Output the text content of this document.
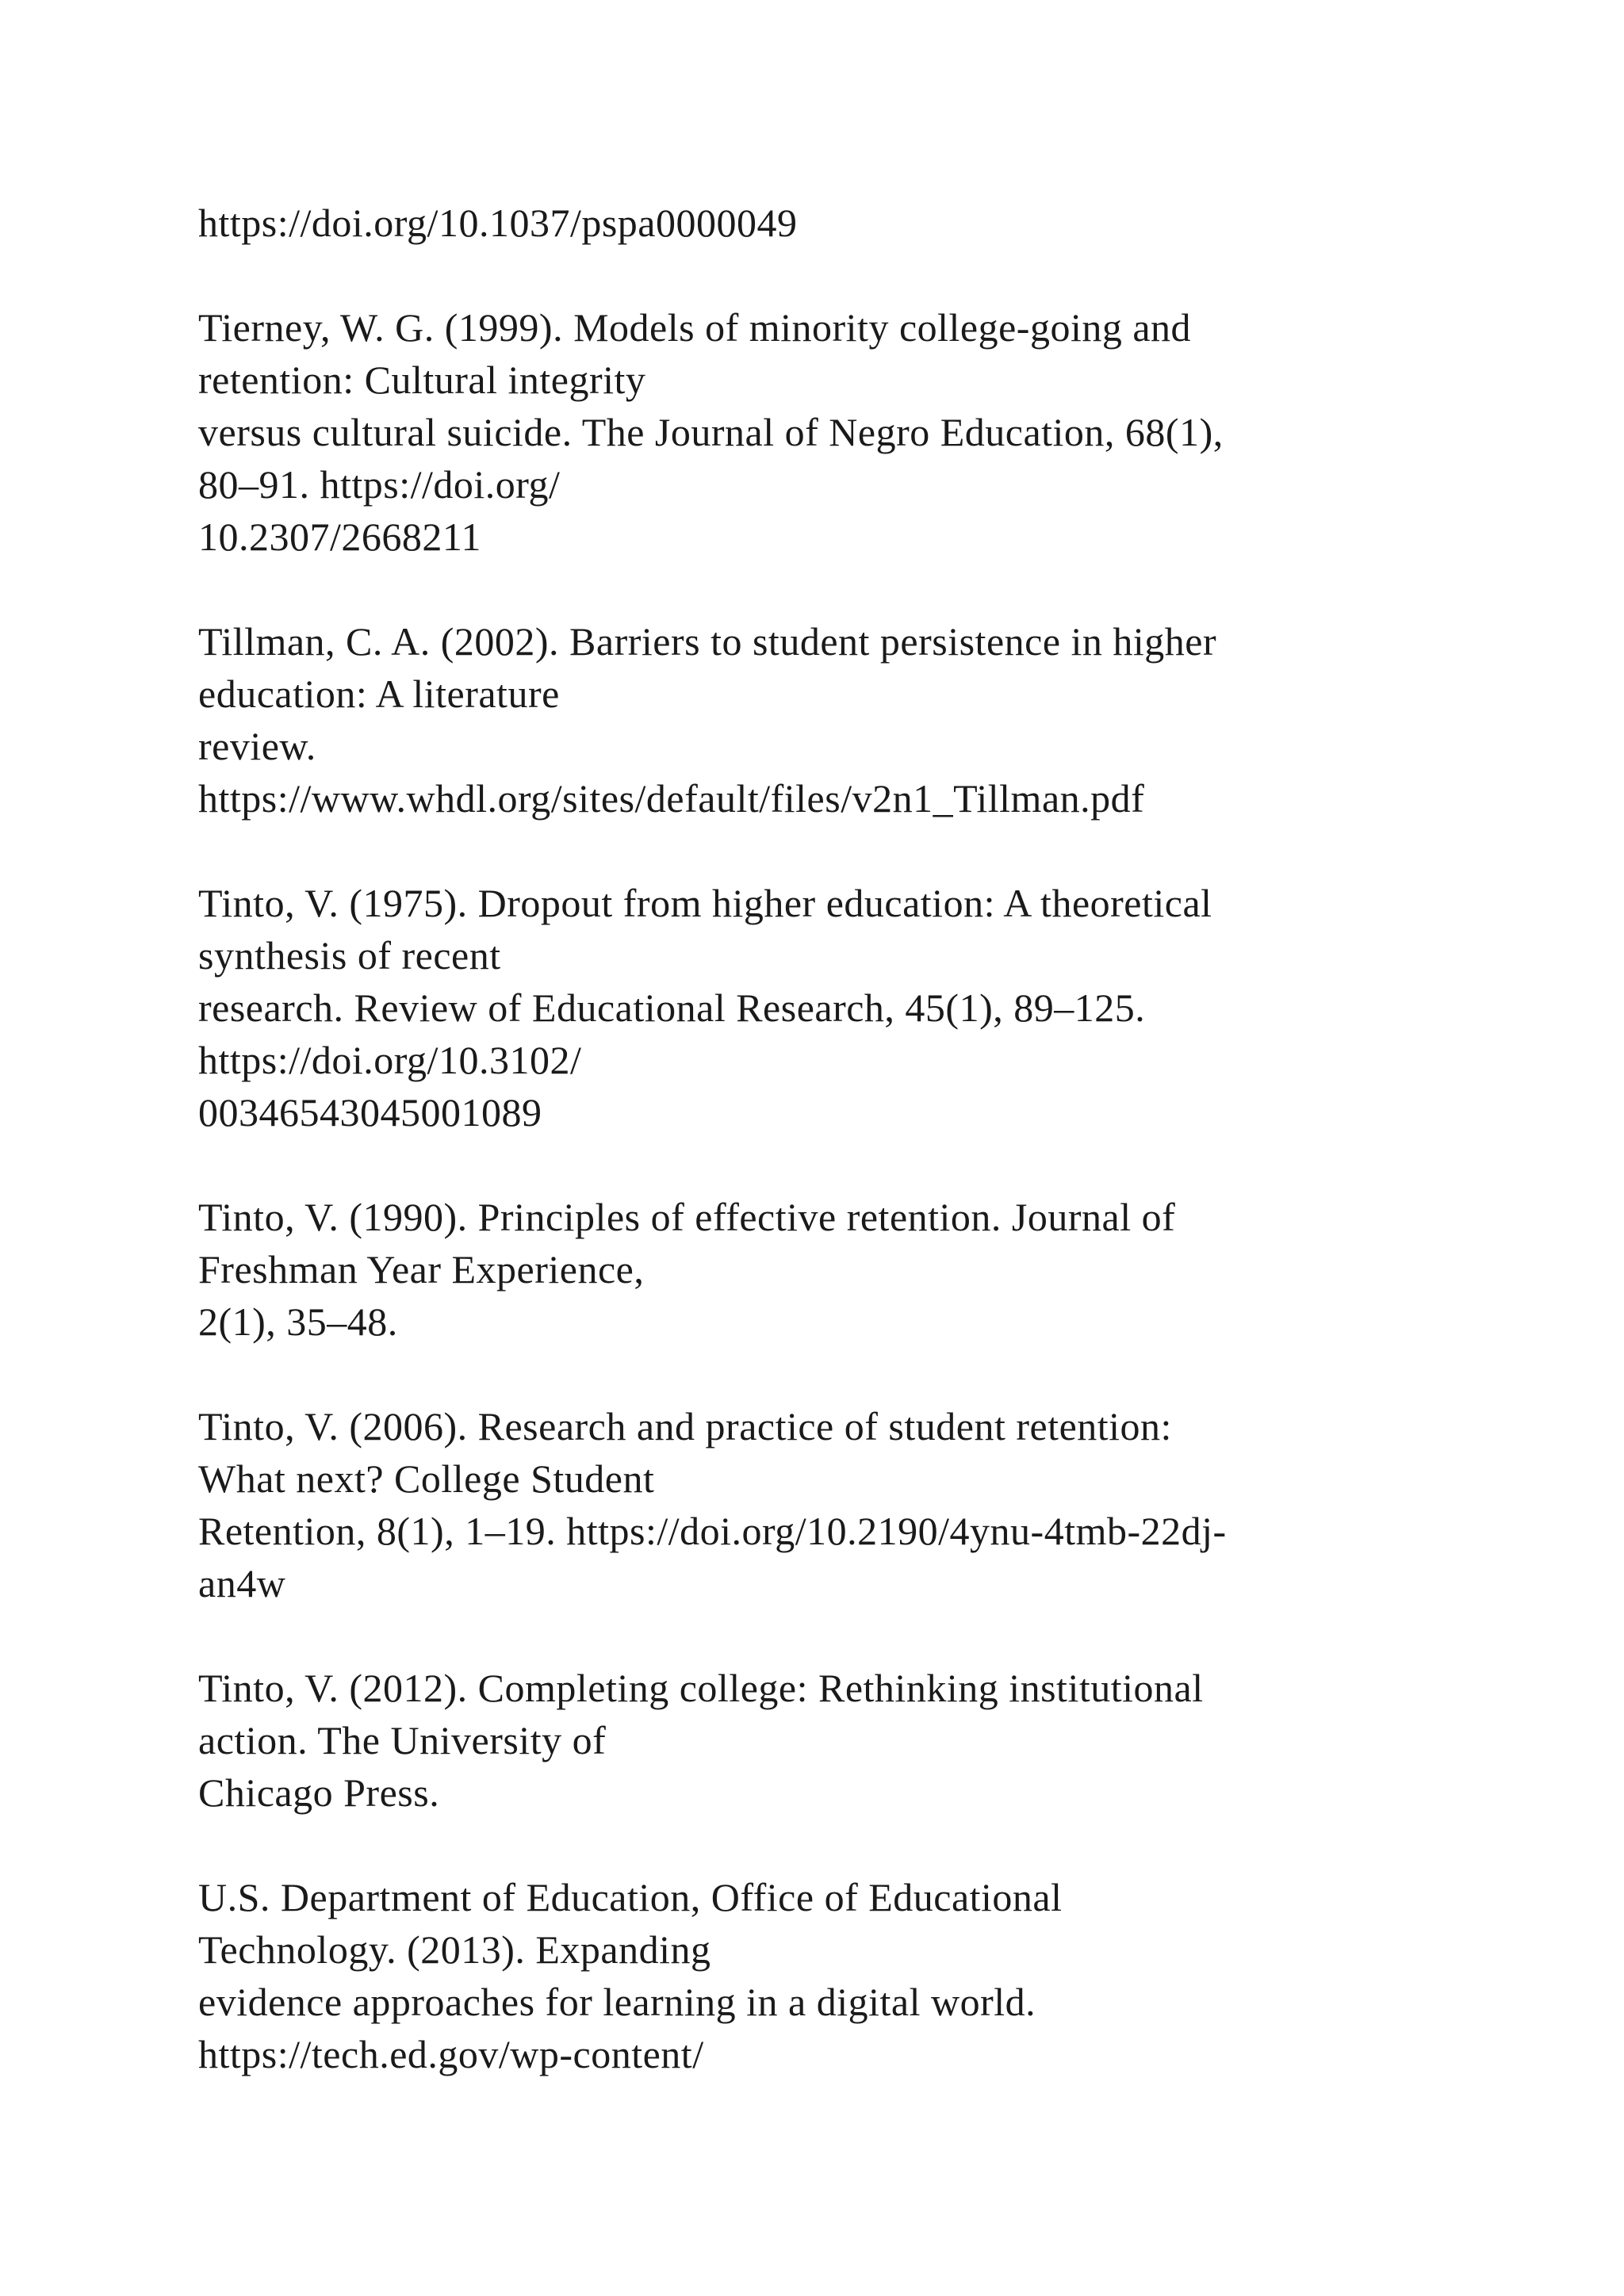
https://doi.org/10.1037/pspa0000049
Tierney, W. G. (1999). Models of minority college-going and
retention: Cultural integrity
versus cultural suicide. The Journal of Negro Education, 68(1),
80–91. https://doi.org/
10.2307/2668211
Tillman, C. A. (2002). Barriers to student persistence in higher
education: A literature
review.
https://www.whdl.org/sites/default/files/v2n1_Tillman.pdf
Tinto, V. (1975). Dropout from higher education: A theoretical
synthesis of recent
research. Review of Educational Research, 45(1), 89–125.
https://doi.org/10.3102/
00346543045001089
Tinto, V. (1990). Principles of effective retention. Journal of
Freshman Year Experience,
2(1), 35–48.
Tinto, V. (2006). Research and practice of student retention:
What next? College Student
Retention, 8(1), 1–19. https://doi.org/10.2190/4ynu-4tmb-22dj-
an4w
Tinto, V. (2012). Completing college: Rethinking institutional
action. The University of
Chicago Press.
U.S. Department of Education, Office of Educational
Technology. (2013). Expanding
evidence approaches for learning in a digital world.
https://tech.ed.gov/wp-content/
